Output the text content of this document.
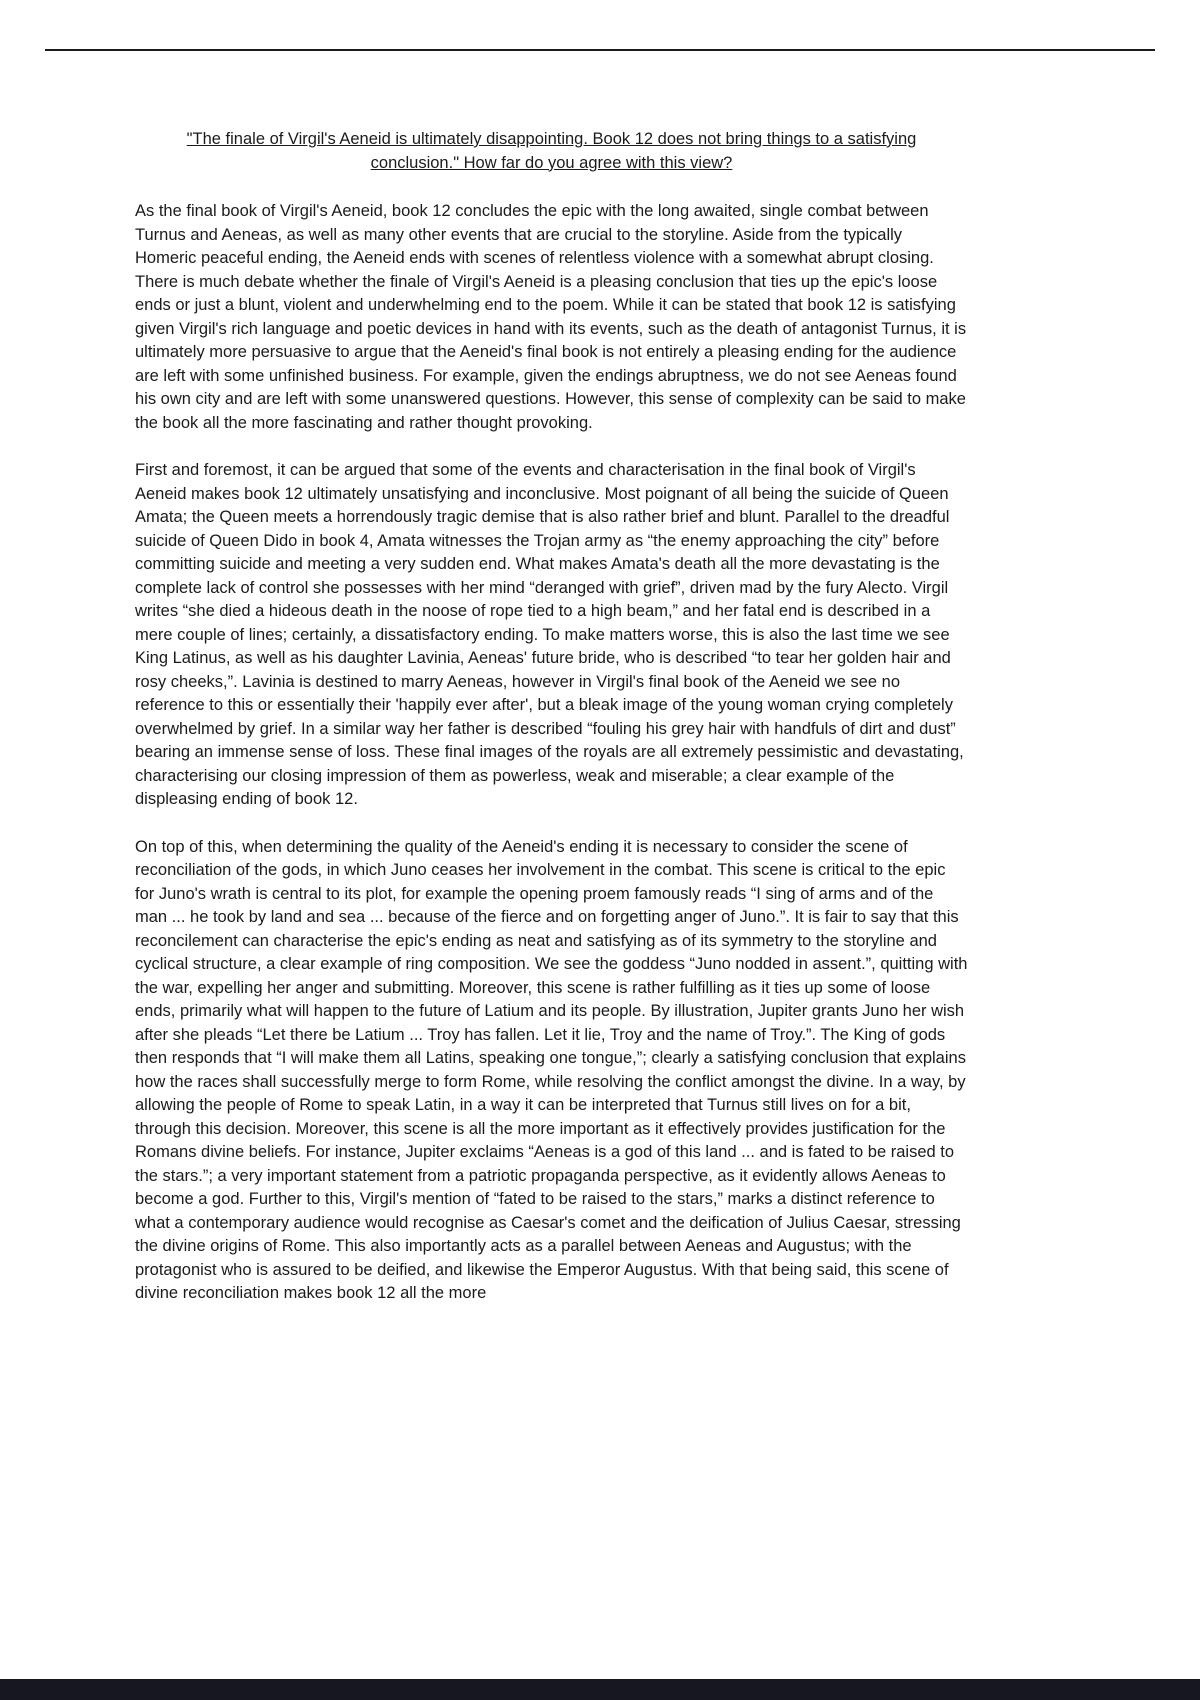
"The finale of Virgil's Aeneid is ultimately disappointing. Book 12 does not bring things to a satisfying
conclusion." How far do you agree with this view?

As the final book of Virgil's Aeneid, book 12 concludes the epic with the long awaited, single combat between Turnus and Aeneas, as well as many other events that are crucial to the storyline. Aside from the typically Homeric peaceful ending, the Aeneid ends with scenes of relentless violence with a somewhat abrupt closing. There is much debate whether the finale of Virgil's Aeneid is a pleasing conclusion that ties up the epic's loose ends or just a blunt, violent and underwhelming end to the poem. While it can be stated that book 12 is satisfying given Virgil's rich language and poetic devices in hand with its events, such as the death of antagonist Turnus, it is ultimately more persuasive to argue that the Aeneid's final book is not entirely a pleasing ending for the audience are left with some unfinished business. For example, given the endings abruptness, we do not see Aeneas found his own city and are left with some unanswered questions. However, this sense of complexity can be said to make the book all the more fascinating and rather thought provoking.

First and foremost, it can be argued that some of the events and characterisation in the final book of Virgil's Aeneid makes book 12 ultimately unsatisfying and inconclusive. Most poignant of all being the suicide of Queen Amata; the Queen meets a horrendously tragic demise that is also rather brief and blunt. Parallel to the dreadful suicide of Queen Dido in book 4, Amata witnesses the Trojan army as “the enemy approaching the city” before committing suicide and meeting a very sudden end. What makes Amata's death all the more devastating is the complete lack of control she possesses with her mind “deranged with grief”, driven mad by the fury Alecto. Virgil writes “she died a hideous death in the noose of rope tied to a high beam,” and her fatal end is described in a mere couple of lines; certainly, a dissatisfactory ending. To make matters worse, this is also the last time we see King Latinus, as well as his daughter Lavinia, Aeneas' future bride, who is described “to tear her golden hair and rosy cheeks,”. Lavinia is destined to marry Aeneas, however in Virgil's final book of the Aeneid we see no reference to this or essentially their 'happily ever after', but a bleak image of the young woman crying completely overwhelmed by grief. In a similar way her father is described “fouling his grey hair with handfuls of dirt and dust” bearing an immense sense of loss. These final images of the royals are all extremely pessimistic and devastating, characterising our closing impression of them as powerless, weak and miserable; a clear example of the displeasing ending of book 12.

On top of this, when determining the quality of the Aeneid's ending it is necessary to consider the scene of reconciliation of the gods, in which Juno ceases her involvement in the combat. This scene is critical to the epic for Juno's wrath is central to its plot, for example the opening proem famously reads “I sing of arms and of the man ... he took by land and sea ... because of the fierce and on forgetting anger of Juno.”. It is fair to say that this reconcilement can characterise the epic's ending as neat and satisfying as of its symmetry to the storyline and cyclical structure, a clear example of ring composition. We see the goddess “Juno nodded in assent.”, quitting with the war, expelling her anger and submitting. Moreover, this scene is rather fulfilling as it ties up some of loose ends, primarily what will happen to the future of Latium and its people. By illustration, Jupiter grants Juno her wish after she pleads “Let there be Latium ... Troy has fallen. Let it lie, Troy and the name of Troy.”. The King of gods then responds that “I will make them all Latins, speaking one tongue,”; clearly a satisfying conclusion that explains how the races shall successfully merge to form Rome, while resolving the conflict amongst the divine. In a way, by allowing the people of Rome to speak Latin, in a way it can be interpreted that Turnus still lives on for a bit, through this decision. Moreover, this scene is all the more important as it effectively provides justification for the Romans divine beliefs. For instance, Jupiter exclaims “Aeneas is a god of this land ... and is fated to be raised to the stars.”; a very important statement from a patriotic propaganda perspective, as it evidently allows Aeneas to become a god. Further to this, Virgil's mention of “fated to be raised to the stars,” marks a distinct reference to what a contemporary audience would recognise as Caesar's comet and the deification of Julius Caesar, stressing the divine origins of Rome. This also importantly acts as a parallel between Aeneas and Augustus; with the protagonist who is assured to be deified, and likewise the Emperor Augustus. With that being said, this scene of divine reconciliation makes book 12 all the more
